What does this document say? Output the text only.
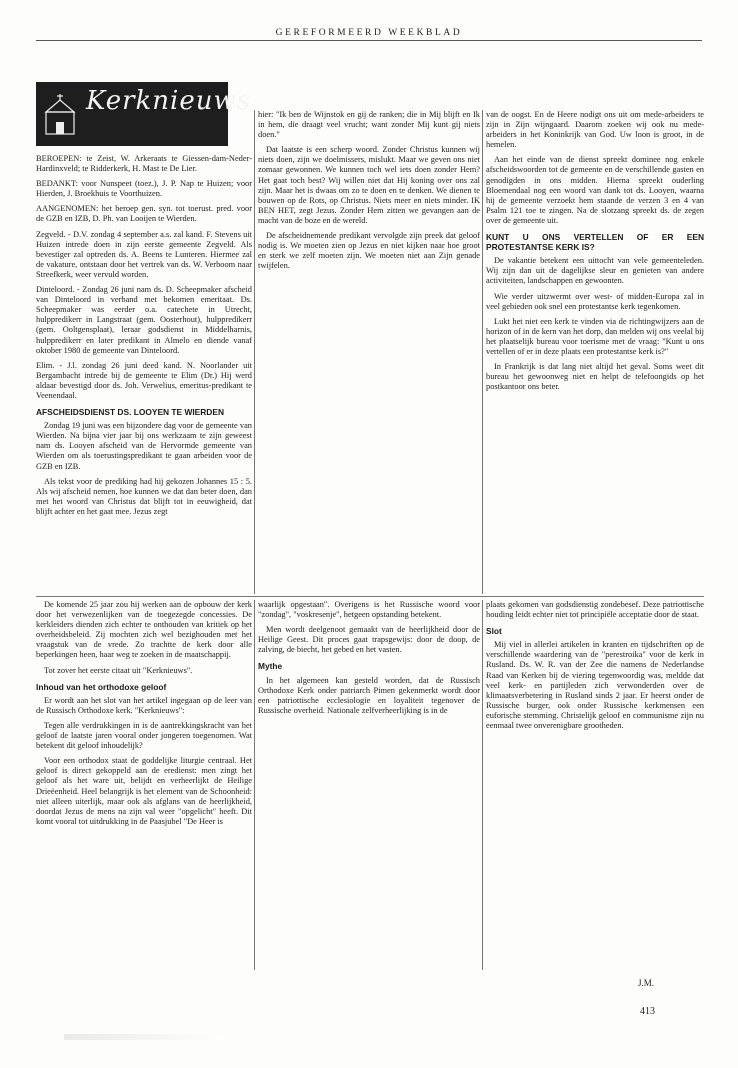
GEREFORMEERD WEEKBLAD
Kerknieuws

BEROEPEN: te Zeist, W. Arkeraats te Giessen-dam-Neder-Hardinxveld; te Ridderkerk, H. Mast te De Lier.

BEDANKT: voor Nunspeet (toez.), J. P. Nap te Huizen; voor Hierden, J. Broekhuis te Voorthuizen.

AANGENOMEN: het beroep gen. syn. tot toerust. pred. voor de GZB en IZB, D. Ph. van Looijen te Wierden.

Zegveld. - D.V. zondag 4 september a.s. zal kand. F. Stevens uit Huizen intrede doen in zijn eerste gemeente Zegveld. Als bevestiger zal optreden ds. A. Beens te Lunteren. Hiermee zal de vakature, ontstaan door het vertrek van ds. W. Verboom naar Streefkerk, weer vervuld worden.

Dinteloord. - Zondag 26 juni nam ds. D. Scheepmaker afscheid van Dinteloord in verband met bekomen emeritaat. Ds. Scheepmaker was eerder o.a. catechete in Utrecht, hulppredikerr in Langstraat (gem. Oosterhout), hulppredikerr (gem. Ooltgensplaat), leraar godsdienst in Middelharnis, hulppredikerr en later predikant in Almelo en diende vanaf oktober 1980 de gemeente van Dinteloord.

Elim. - J.l. zondag 26 juni deed kand. N. Noorlander uit Bergambacht intrede bij de gemeente te Elim (Dr.) Hij werd aldaar bevestigd door ds. Joh. Verwelius, emeritus-predikant te Veenendaal.

AFSCHEIDSDIENST DS. LOOYEN TE WIERDEN

Zondag 19 juni was een bijzondere dag voor de gemeente van Wierden. Na bijna vier jaar bij ons werkzaam te zijn geweest nam ds. Looyen afscheid van de Hervormde gemeente van Wierden om als toerustingspredikant te gaan arbeiden voor de GZB en IZB.

Als tekst voor de prediking had hij gekozen Johannes 15 : 5. Als wij afscheid nemen, hoe kunnen we dat dan beter doen, dan met het woord van Christus dat blijft tot in eeuwigheid, dat blijft achter en het gaat mee. Jezus zegt

hier: "Ik ben de Wijnstok en gij de ranken; die in Mij blijft en Ik in hem, die draagt veel vrucht; want zonder Mij kunt gij niets doen."

Dat laatste is een scherp woord. Zonder Christus kunnen wij niets doen, zijn we doelmissers, mislukt. Maar we geven ons niet zomaar gewonnen. We kunnen toch wel iets doen zonder Hem? Het gaat toch best? Wij willen niet dat Hij koning over ons zal zijn. Maar het is dwaas om zo te doen en te denken. We dienen te bouwen op de Rots, op Christus. Niets meer en niets minder. IK BEN HET, zegt Jezus. Zonder Hem zitten we gevangen aan de macht van de boze en de wereld.

De afscheidnemende predikant vervolgde zijn preek dat geloof nodig is. We moeten zien op Jezus en niet kijken naar hoe groot en sterk we zelf moeten zijn. We moeten niet aan Zijn genade twijfelen.

van de oogst. En de Heere nodigt ons uit om mede-arbeiders te zijn in Zijn wijngaard. Daarom zoeken wij ook nu mede-arbeiders in het Koninkrijk van God. Uw loon is groot, in de hemelen.

Aan het einde van de dienst spreekt dominee nog enkele afscheidswoorden tot de gemeente en de verschillende gasten en genodigden in ons midden. Hierna spreekt ouderling Bloemendaal nog een woord van dank tot ds. Looyen, waarna hij de gemeente verzoekt hem staande de verzen 3 en 4 van Psalm 121 toe te zingen. Na de slotzang spreekt ds. de zegen over de gemeente uit.

KUNT U ONS VERTELLEN OF ER EEN PROTESTANTSE KERK IS?

De vakantie betekent een uittocht van vele gemeenteleden. Wij zijn dan uit de dagelijkse sleur en genieten van andere activiteiten, landschappen en gewoonten.

Wie verder uitzwermt over west- of midden-Europa zal in veel gebieden ook snel een protestantse kerk tegenkomen.

Lukt het niet een kerk te vinden via de richtingwijzers aan de horizon of in de kern van het dorp, dan melden wij ons veelal bij het plaatselijk bureau voor toerisme met de vraag: "Kunt u ons vertellen of er in deze plaats een protestantse kerk is?"

In Frankrijk is dat lang niet altijd het geval. Soms weet dit bureau het gewoonweg niet en helpt de telefoongids op het postkantoor ons beter.

De komende 25 jaar zou hij werken aan de opbouw der kerk door het verwezenlijken van de toegezegde concessies. De kerkleiders dienden zich echter te onthouden van kritiek op het overheidsbeleid. Zij mochten zich wel bezighouden met het vraagstuk van de vrede. Zo trachtte de kerk door alle beperkingen heen, haar weg te zoeken in de maatschappij.

Tot zover het eerste citaat uit "Kerknieuws".

Inhoud van het orthodoxe geloof

Er wordt aan het slot van het artikel ingegaan op de leer van de Russisch Orthodoxe kerk. "Kerknieuws":

Tegen alle verdrukkingen in is de aantrekkingskracht van het geloof de laatste jaren vooral onder jongeren toegenomen. Wat betekent dit geloof inhoudelijk?

Voor een orthodox staat de goddelijke liturgie centraal. Het geloof is direct gekoppeld aan de eredienst: men zingt het geloof als het ware uit, belijdt en verheerlijkt de Heilige Drieëenheid. Heel belangrijk is het element van de Schoonheid: niet alleen uiterlijk, maar ook als afglans van de heerlijkheid, doordat Jezus de mens na zijn val weer "opgelicht" heeft. Dit komt vooral tot uitdrukking in de Paasjubel "De Heer is

waarlijk opgestaan". Overigens is het Russische woord voor "zondag", "voskresenje", hetgeen opstanding betekent.

Men wordt deelgenoot gemaakt van de heerlijkheid door de Heilige Geest. Dit proces gaat trapsgewijs: door de doop, de zalving, de biecht, het gebed en het vasten.

Mythe

In het algemeen kan gesteld worden, dat de Russisch Orthodoxe Kerk onder patriarch Pimen gekenmerkt wordt door een patriottische ecclesiologie en loyaliteit tegenover de Russische overheid. Nationale zelfverheerlijking is in de

plaats gekomen van godsdienstig zondebesef. Deze patriottische houding leidt echter niet tot principiële acceptatie door de staat.

Slot

Mij viel in allerlei artikelen in kranten en tijdschriften op de verschillende waardering van de "perestroika" voor de kerk in Rusland. Ds. W. R. van der Zee die namens de Nederlandse Raad van Kerken bij de viering tegenwoordig was, meldde dat veel kerk- en partijleden zich verwonderden over de klimaatsverbetering in Rusland sinds 2 jaar. Er heerst onder de Russische burger, ook onder Russische kerkmensen een euforische stemming. Christelijk geloof en communisme zijn nu eenmaal twee onverenigbare grootheden.

J.M.
413
